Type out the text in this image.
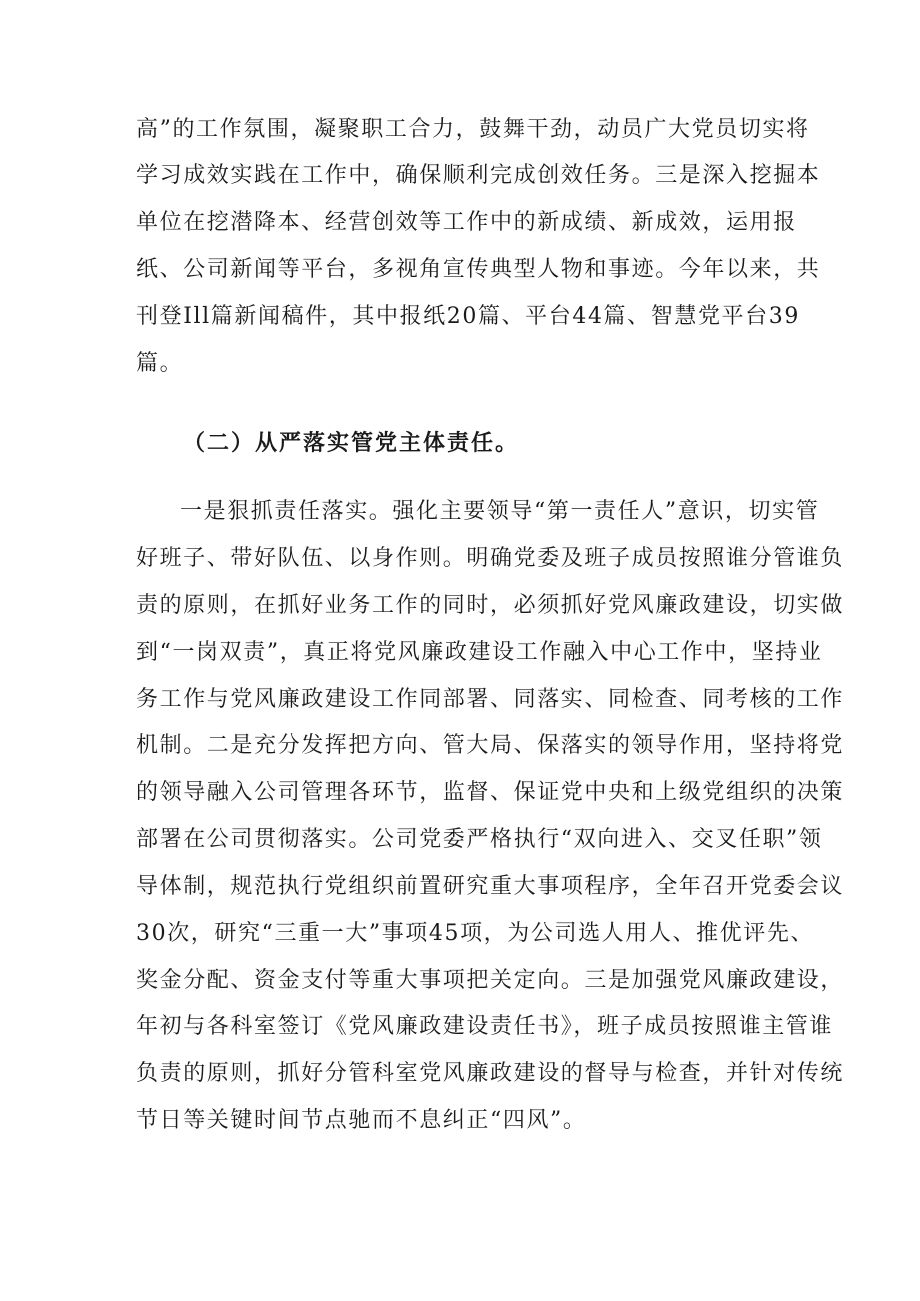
高”的工作氛围，凝聚职工合力，鼓舞干劲，动员广大党员切实将
学习成效实践在工作中，确保顺利完成创效任务。三是深入挖掘本
单位在挖潜降本、经营创效等工作中的新成绩、新成效，运用报
纸、公司新闻等平台，多视角宣传典型人物和事迹。今年以来，共
刊登Ill篇新闻稿件，其中报纸20篇、平台44篇、智慧党平台39
篇。
（二）从严落实管党主体责任。
一是狠抓责任落实。强化主要领导“第一责任人”意识，切实管
好班子、带好队伍、以身作则。明确党委及班子成员按照谁分管谁负
责的原则，在抓好业务工作的同时，必须抓好党风廉政建设，切实做
到“一岗双责”，真正将党风廉政建设工作融入中心工作中，坚持业
务工作与党风廉政建设工作同部署、同落实、同检查、同考核的工作
机制。二是充分发挥把方向、管大局、保落实的领导作用，坚持将党
的领导融入公司管理各环节，监督、保证党中央和上级党组织的决策
部署在公司贯彻落实。公司党委严格执行“双向进入、交叉任职”领
导体制，规范执行党组织前置研究重大事项程序，全年召开党委会议
30次，研究“三重一大”事项45项，为公司选人用人、推优评先、
奖金分配、资金支付等重大事项把关定向。三是加强党风廉政建设，
年初与各科室签订《党风廉政建设责任书》，班子成员按照谁主管谁
负责的原则，抓好分管科室党风廉政建设的督导与检查，并针对传统
节日等关键时间节点驰而不息纠正“四风”。
